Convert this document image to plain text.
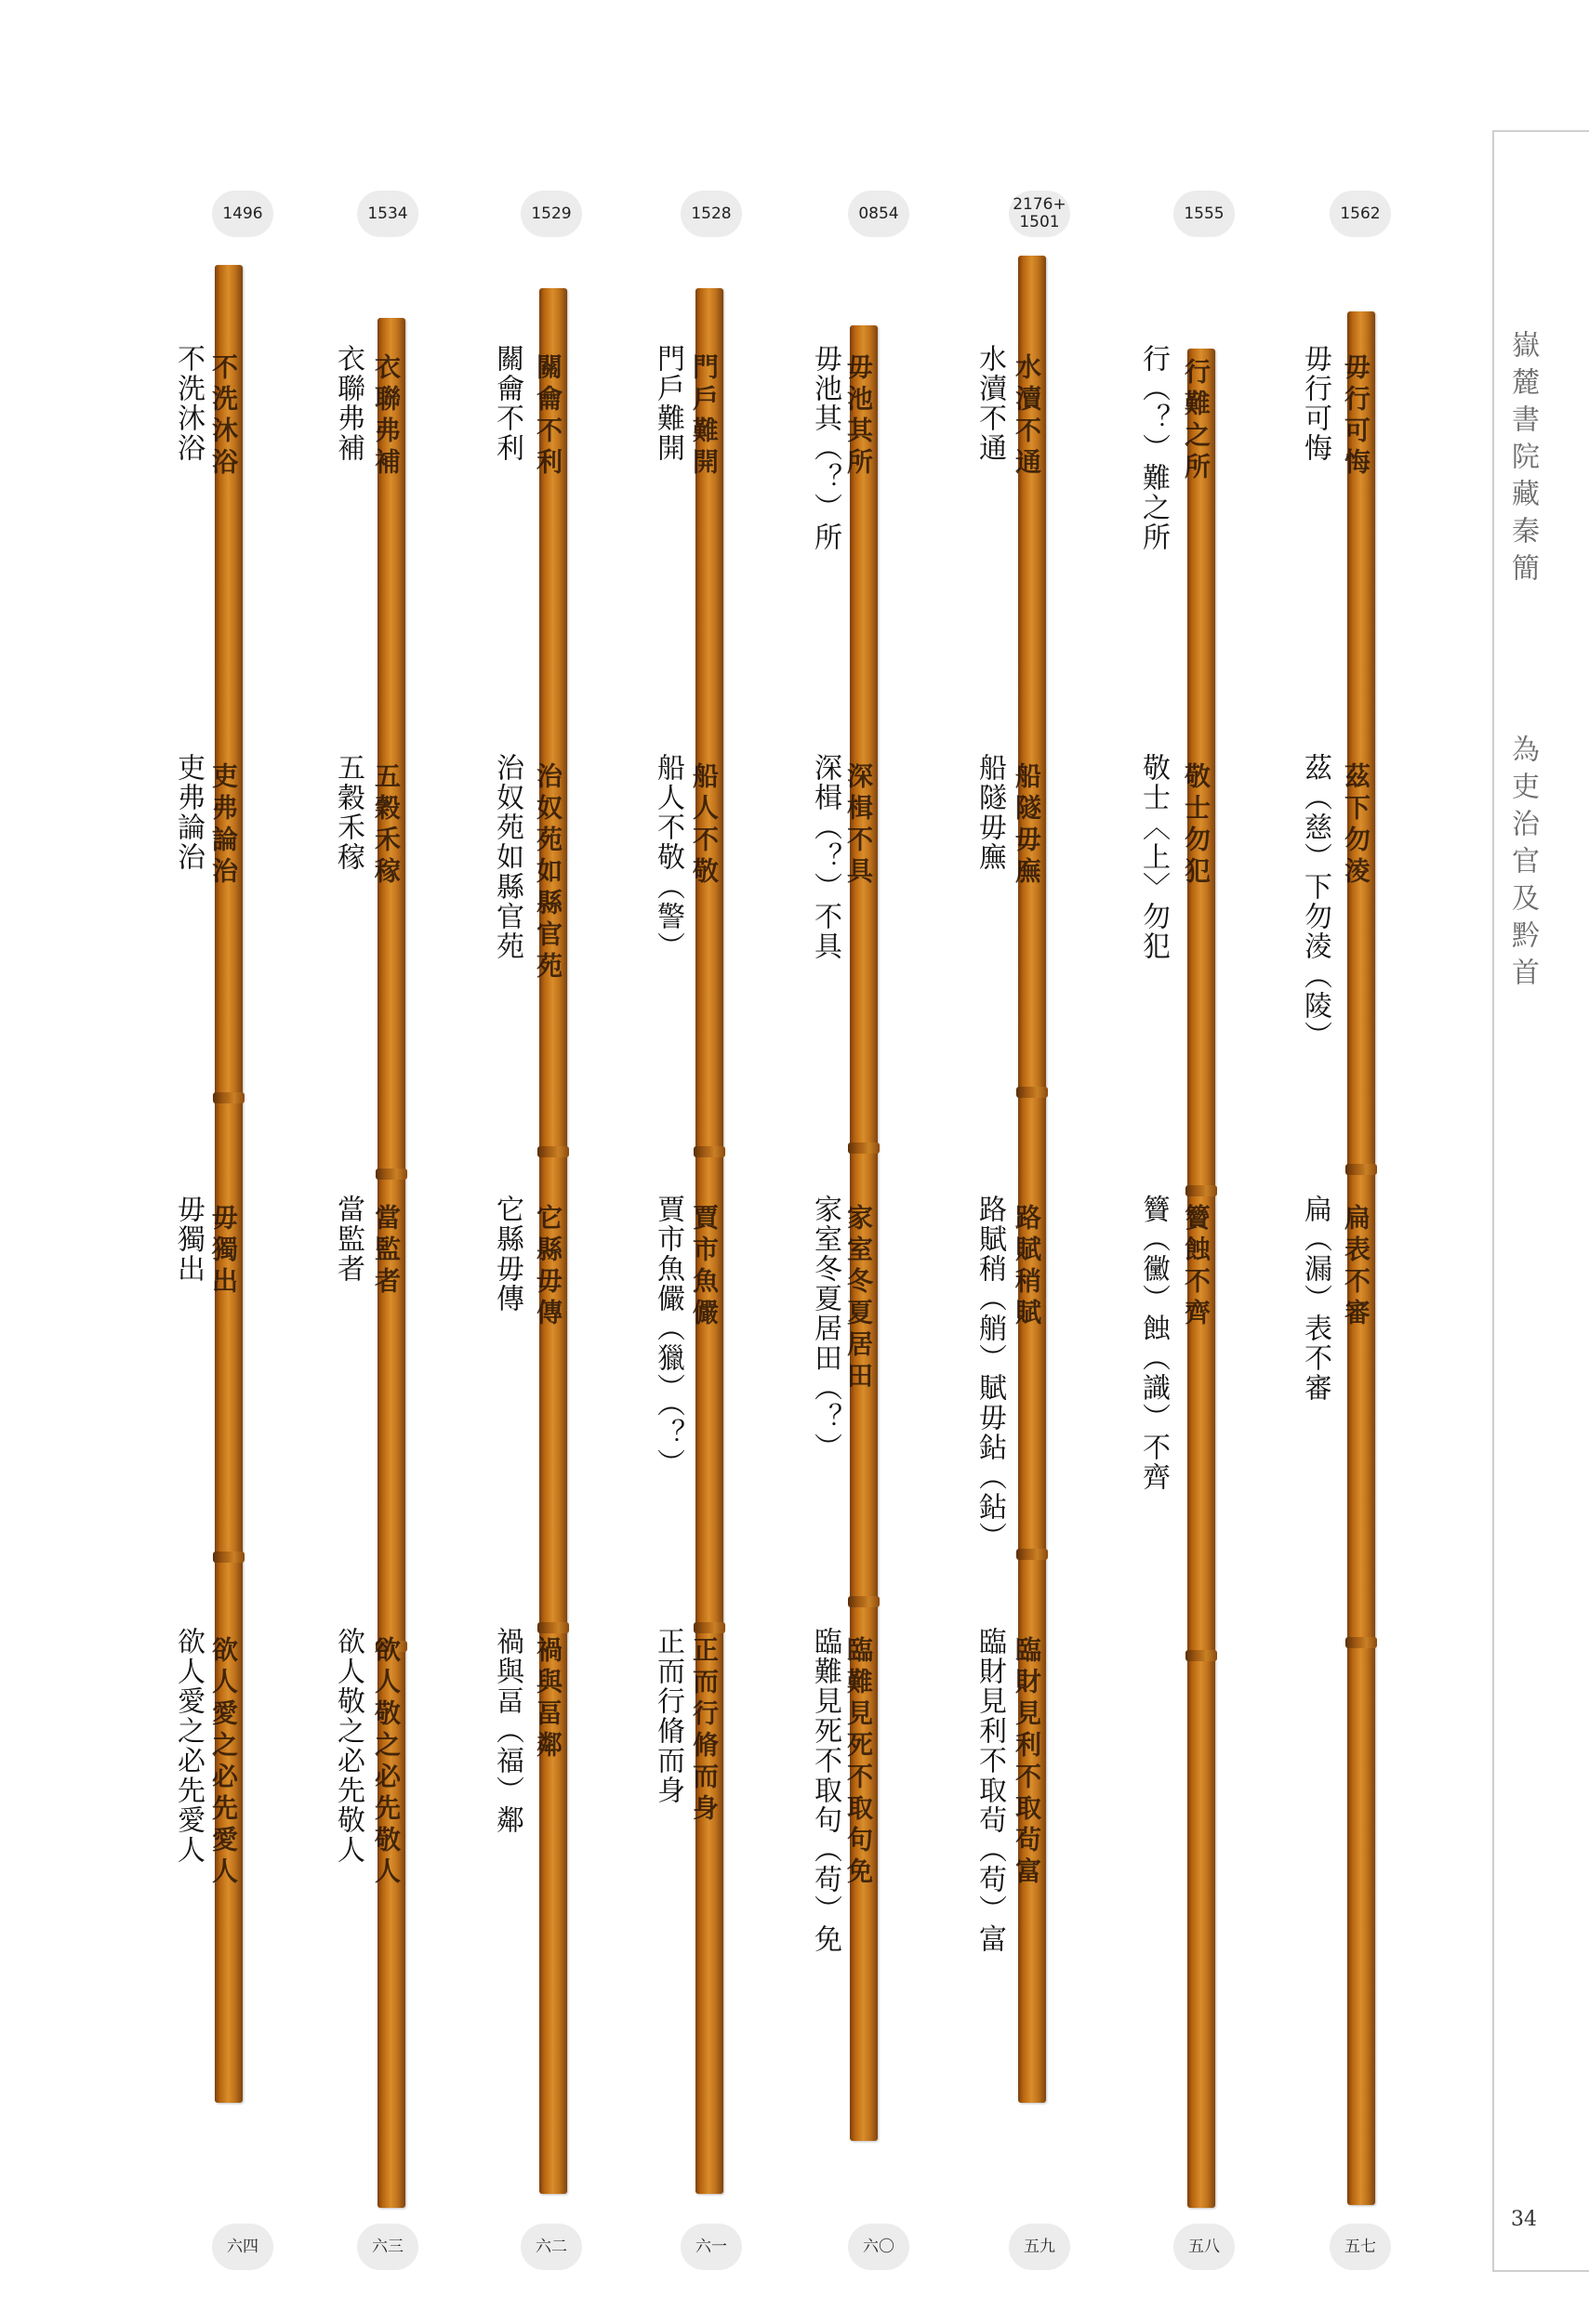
嶽麓書院藏秦簡
為吏治官及黔首
34
毋行可悔
茲下勿淩
扁表不審
1562
五七
毋行可悔
茲（慈）下勿淩（陵）
扁（漏）表不審
行難之所
敬士勿犯
籫蝕不齊
1555
五八
行（？）難之所
敬士〈上〉勿犯
籫（黴）蝕（識）不齊
水瀆不通
船隧毋廡
路賦稍賦
臨財見利不取茍富
2176+
1501
五九
水瀆不通
船隧毋廡
路賦稍（艄）賦毋鉆（鉆）
臨財見利不取茍（苟）富
毋池其所
深楫不具
家室冬夏居田
臨難見死不取句免
0854
六〇
毋池其（？）所
深楫（？）不具
家室冬夏居田（？）
臨難見死不取句（苟）免
門戶難開
船人不敬
賈市魚儼
正而行脩而身
1528
六一
門戶難開
船人不敬（警）
賈市魚儼（獵）（？）
正而行脩而身
關龠不利
治奴苑如縣官苑
它縣毋傳
禍與畐鄰
1529
六二
關龠不利
治奴苑如縣官苑
它縣毋傳
禍與畐（福）鄰
衣聯弗補
五穀禾稼
當監者
欲人敬之必先敬人
1534
六三
衣聯弗補
五穀禾稼
當監者
欲人敬之必先敬人
不洗沐浴
吏弗論治
毋獨出
欲人愛之必先愛人
1496
六四
不洗沐浴
吏弗論治
毋獨出
欲人愛之必先愛人
